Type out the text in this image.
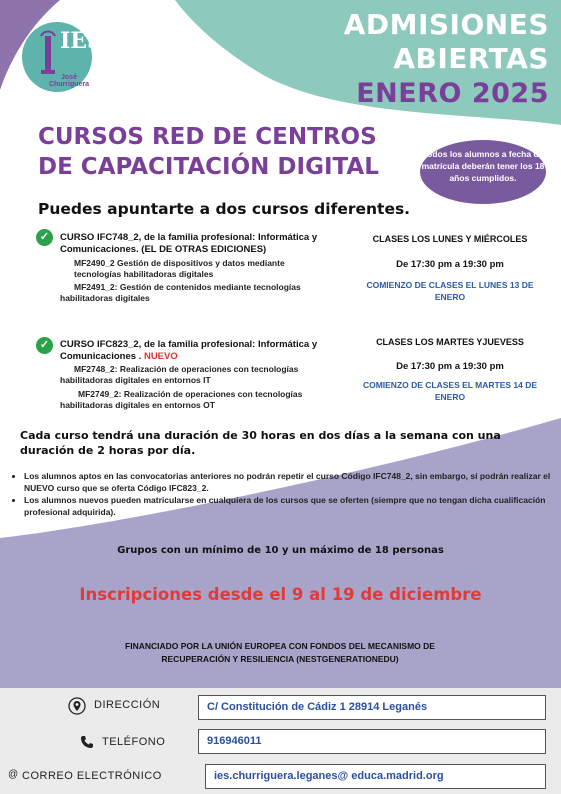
ADMISIONES
ABIERTAS
ENERO 2025
IES
José Churriguera
CURSOS RED DE CENTROS DE CAPACITACIÓN DIGITAL	Todos los alumnos a fecha de matrícula deberán tener los 18 años cumplidos.
Puedes apuntarte a dos cursos diferentes.
✓	CURSO IFC748_2, de la familia profesional: Informática y Comunicaciones. (EL DE OTRAS EDICIONES)
MF2490_2 Gestión de dispositivos y datos mediante tecnologías habilitadoras digitales
MF2491_2: Gestión de contenidos mediante tecnologías habilitadoras digitales
CLASES LOS LUNES Y MIÉRCOLES
De 17:30 pm a 19:30 pm
COMIENZO DE CLASES EL LUNES 13 DE ENERO
✓	CURSO IFC823_2, de la familia profesional: Informática y Comunicaciones . NUEVO
MF2748_2: Realización de operaciones con tecnologías habilitadoras digitales en entornos IT
MF2749_2: Realización de operaciones con tecnologías habilitadoras digitales en entornos OT
CLASES LOS MARTES YJUEVESS
De 17:30 pm a 19:30 pm
COMIENZO DE CLASES EL MARTES 14 DE ENERO
Cada curso tendrá una duración de 30 horas en dos días a la semana con una duración de 2 horas por día.
• Los alumnos aptos en las convocatorias anteriores no podrán repetir el curso Código IFC748_2, sin embargo, sí podrán realizar el NUEVO curso que se oferta Código IFC823_2.
• Los alumnos nuevos pueden matricularse en cualquiera de los cursos que se oferten (siempre que no tengan dicha cualificación profesional adquirida).
Grupos con un mínimo de 10 y un máximo de 18 personas
Inscripciones desde el 9 al 19 de diciembre
FINANCIADO POR LA UNIÓN EUROPEA CON FONDOS DEL MECANISMO DE RECUPERACIÓN Y RESILIENCIA (NESTGENERATIONEDU)
DIRECCIÓN	C/ Constitución de Cádiz 1 28914 Leganés
TELÉFONO	916946011
@ CORREO ELECTRÓNICO	ies.churriguera.leganes@ educa.madrid.org
